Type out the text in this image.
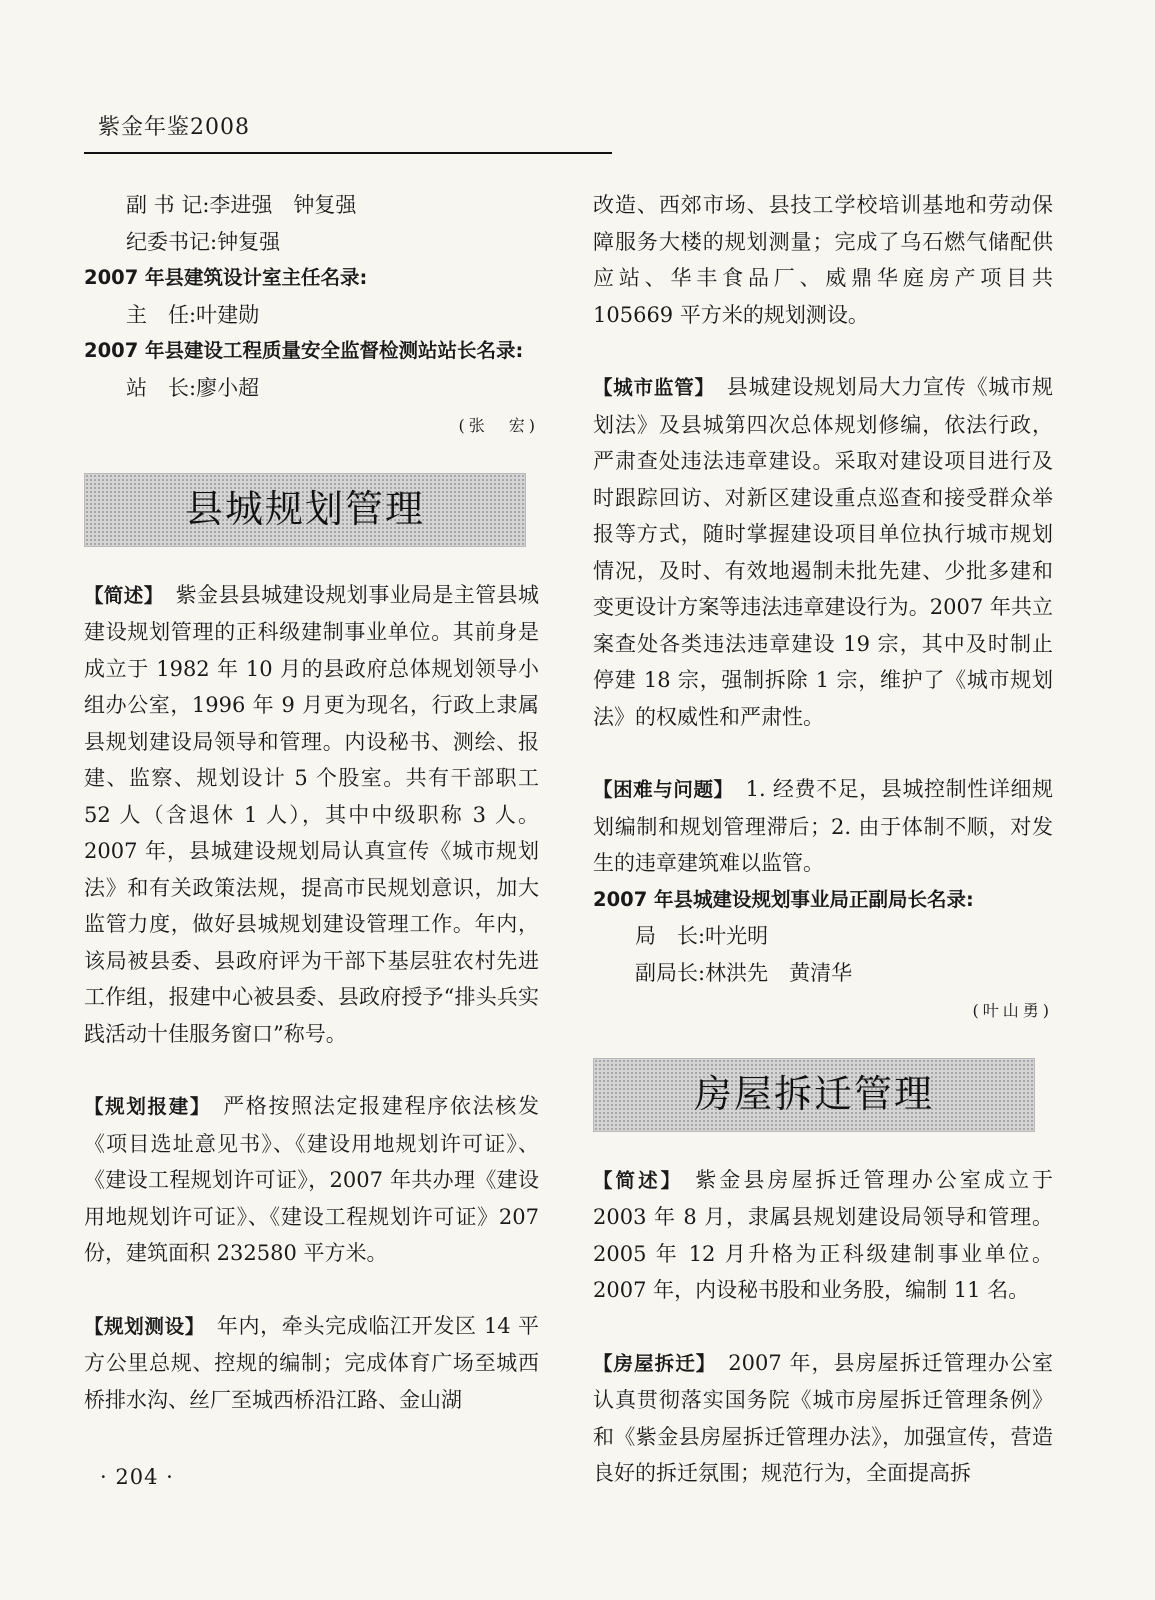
紫金年鉴2008

副 书 记:李进强　钟复强

纪委书记:钟复强

2007 年县建筑设计室主任名录:

主　任:叶建勋

2007 年县建设工程质量安全监督检测站站长名录:

站　长:廖小超

(张　宏)

县城规划管理

【简述】 紫金县县城建设规划事业局是主管县城建设规划管理的正科级建制事业单位。其前身是成立于 1982 年 10 月的县政府总体规划领导小组办公室，1996 年 9 月更为现名，行政上隶属县规划建设局领导和管理。内设秘书、测绘、报建、监察、规划设计 5 个股室。共有干部职工 52 人（含退休 1 人），其中中级职称 3 人。2007 年，县城建设规划局认真宣传《城市规划法》和有关政策法规，提高市民规划意识，加大监管力度，做好县城规划建设管理工作。年内，该局被县委、县政府评为干部下基层驻农村先进工作组，报建中心被县委、县政府授予“排头兵实践活动十佳服务窗口”称号。

【规划报建】 严格按照法定报建程序依法核发《项目选址意见书》、《建设用地规划许可证》、《建设工程规划许可证》，2007 年共办理《建设用地规划许可证》、《建设工程规划许可证》207 份，建筑面积 232580 平方米。

【规划测设】 年内，牵头完成临江开发区 14 平方公里总规、控规的编制；完成体育广场至城西桥排水沟、丝厂至城西桥沿江路、金山湖

改造、西郊市场、县技工学校培训基地和劳动保障服务大楼的规划测量；完成了乌石燃气储配供应站、华丰食品厂、威鼎华庭房产项目共 105669 平方米的规划测设。

【城市监管】 县城建设规划局大力宣传《城市规划法》及县城第四次总体规划修编，依法行政，严肃查处违法违章建设。采取对建设项目进行及时跟踪回访、对新区建设重点巡查和接受群众举报等方式，随时掌握建设项目单位执行城市规划情况，及时、有效地遏制未批先建、少批多建和变更设计方案等违法违章建设行为。2007 年共立案查处各类违法违章建设 19 宗，其中及时制止停建 18 宗，强制拆除 1 宗，维护了《城市规划法》的权威性和严肃性。

【困难与问题】 1. 经费不足，县城控制性详细规划编制和规划管理滞后；2. 由于体制不顺，对发生的违章建筑难以监管。

2007 年县城建设规划事业局正副局长名录:

局　长:叶光明

副局长:林洪先　黄清华

(叶山勇)

房屋拆迁管理

【简述】 紫金县房屋拆迁管理办公室成立于 2003 年 8 月，隶属县规划建设局领导和管理。2005 年 12 月升格为正科级建制事业单位。2007 年，内设秘书股和业务股，编制 11 名。

【房屋拆迁】 2007 年，县房屋拆迁管理办公室认真贯彻落实国务院《城市房屋拆迁管理条例》和《紫金县房屋拆迁管理办法》，加强宣传，营造良好的拆迁氛围；规范行为，全面提高拆

· 204 ·
